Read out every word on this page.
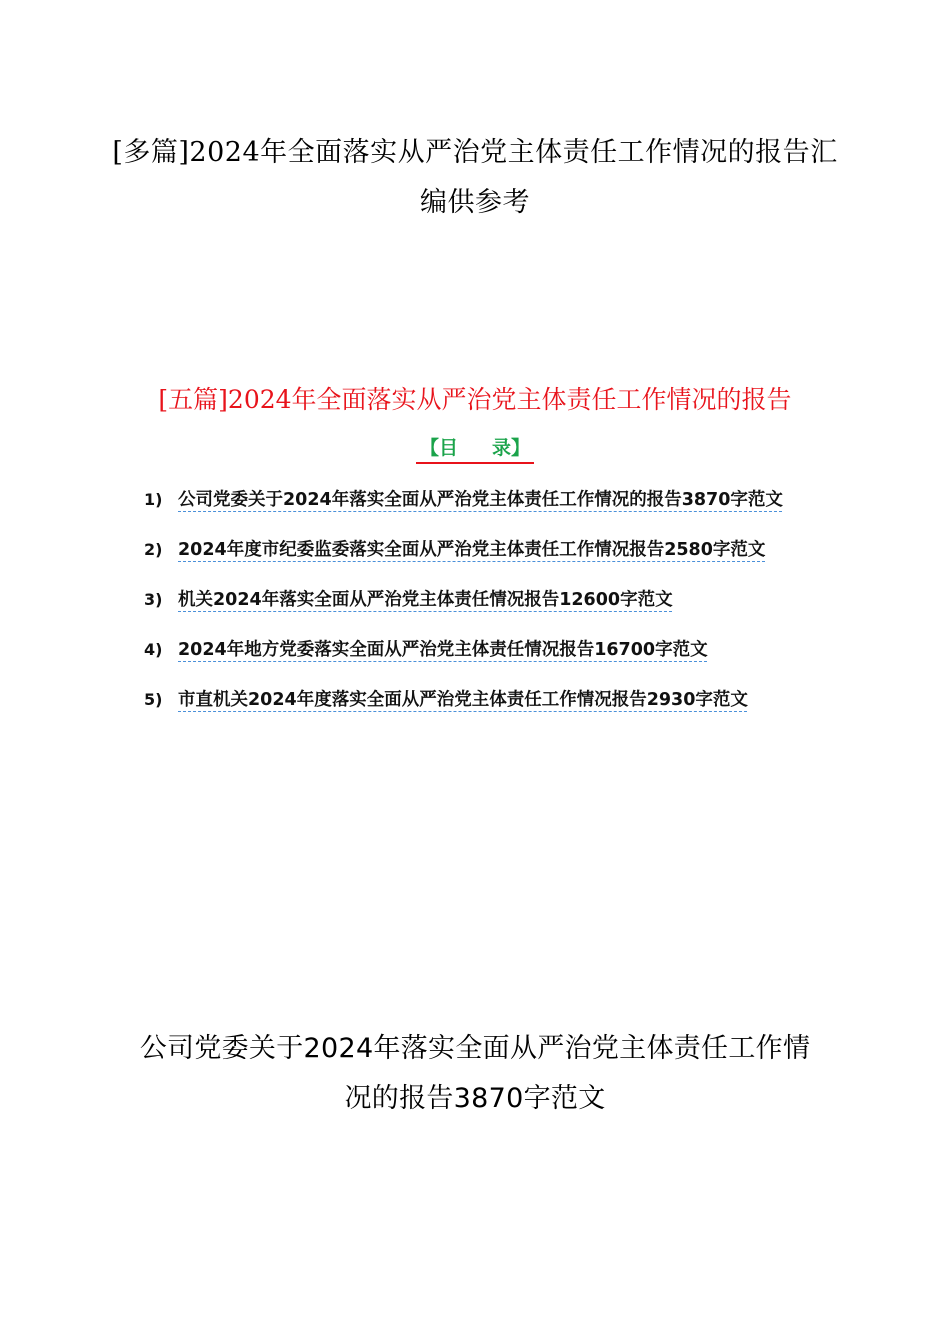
[多篇]2024年全面落实从严治党主体责任工作情况的报告汇编供参考
[五篇]2024年全面落实从严治党主体责任工作情况的报告
【目 录】
1) 公司党委关于2024年落实全面从严治党主体责任工作情况的报告3870字范文
2) 2024年度市纪委监委落实全面从严治党主体责任工作情况报告2580字范文
3) 机关2024年落实全面从严治党主体责任情况报告12600字范文
4) 2024年地方党委落实全面从严治党主体责任情况报告16700字范文
5) 市直机关2024年度落实全面从严治党主体责任工作情况报告2930字范文
公司党委关于2024年落实全面从严治党主体责任工作情况的报告3870字范文
